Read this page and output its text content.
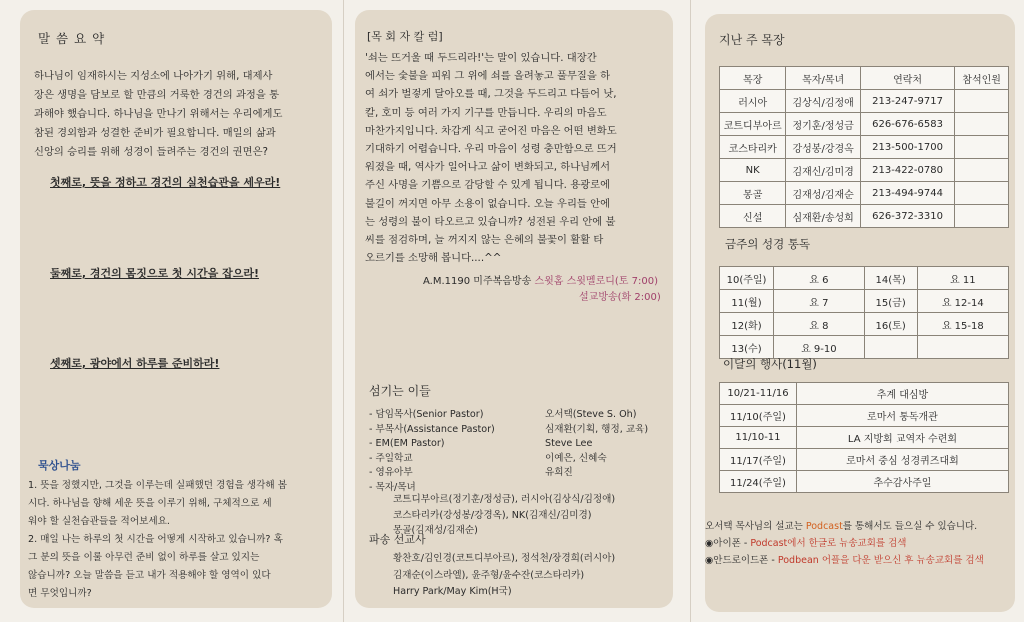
말 씀 요 약
하나님이 임재하시는 지성소에 나아가기 위해, 대제사
장은 생명을 담보로 할 만큼의 거룩한 경건의 과정을 통
과해야 했습니다. 하나님을 만나기 위해서는 우리에게도
참된 경외함과 성결한 준비가 필요합니다. 매일의 삶과
신앙의 승리를 위해 성경이 들려주는 경건의 권면은?
첫째로, 뜻을 정하고 경건의 실천습관을 세우라!
둘째로, 경건의 몸짓으로 첫 시간을 잡으라!
셋째로, 광야에서 하루를 준비하라!
묵상나눔
1. 뜻을 정했지만, 그것을 이루는데 실패했던 경험을 생각해 봅
시다. 하나님을 향해 세운 뜻을 이루기 위해, 구체적으로 세
워야 할 실천습관들을 적어보세요.
2. 매일 나는 하루의 첫 시간을 어떻게 시작하고 있습니까? 혹
그 분의 뜻을 이룰 아무런 준비 없이 하루를 살고 있지는
않습니까? 오늘 말씀을 듣고 내가 적용해야 할 영역이 있다
면 무엇입니까?
[목 회 자 칼 럼]
'쇠는 뜨거울 때 두드리라!'는 말이 있습니다. 대장간
에서는 숯불을 피워 그 위에 쇠를 올려놓고 풀무질을 하
여 쇠가 벌겋게 달아오를 때, 그것을 두드리고 다듬어 낫,
칼, 호미 등 여러 가지 기구를 만듭니다. 우리의 마음도
마찬가지입니다. 차갑게 식고 굳어진 마음은 어떤 변화도
기대하기 어렵습니다. 우리 마음이 성령 충만함으로 뜨거
워졌을 때, 역사가 일어나고 삶이 변화되고, 하나님께서
주신 사명을 기쁨으로 감당할 수 있게 됩니다. 용광로에
불길이 꺼지면 아무 소용이 없습니다. 오늘 우리들 안에
는 성령의 불이 타오르고 있습니까? 성전된 우리 안에 불
씨를 점검하며, 늘 꺼지지 않는 은혜의 불꽃이 활활 타
오르기를 소망해 봅니다....^^
A.M.1190 미주복음방송 스윗홈 스윗멜로디(토 7:00)
설교방송(화 2:00)
섬기는 이들
- 담임목사(Senior Pastor)	오서택(Steve S. Oh)
- 부목사(Assistance Pastor)	심재환(기획, 행정, 교육)
- EM(EM Pastor)	Steve Lee
- 주일학교	이예은, 신혜숙
- 영유아부	유희진
- 목자/목녀
코트디부아르(정기훈/정성금), 러시아(김상식/김정애)
코스타리카(강성봉/강경옥), NK(김재신/김미경)
몽골(김재성/김재순)
파송 선교사
황찬호/김인경(코트디부아르), 정석천/장경희(러시아)
김재순(이스라엘), 윤주형/윤수잔(코스타리카)
Harry Park/May Kim(H국)
지난 주 목장
목장	목자/목녀	연락처	참석인원
러시아	김상식/김정애	213-247-9717	
코트디부아르	정기훈/정성금	626-676-6583	
코스타리카	강성봉/강경옥	213-500-1700	
NK	김재신/김미경	213-422-0780	
몽골	김재성/김재순	213-494-9744	
신설	심재환/송성희	626-372-3310	
금주의 성경 통독
10(주일)	요 6	14(목)	요 11
11(월)	요 7	15(금)	요 12-14
12(화)	요 8	16(토)	요 15-18
13(수)	요 9-10		
이달의 행사(11월)
10/21-11/16	추계 대심방
11/10(주일)	로마서 통독개관
11/10-11	LA 지방회 교역자 수련회
11/17(주일)	로마서 중심 성경퀴즈대회
11/24(주일)	추수감사주일
오서택 목사님의 설교는 Podcast를 통해서도 들으실 수 있습니다.
◉아이폰 - Podcast에서 한글로 뉴송교회를 검색
◉안드로이드폰 - Podbean 어플을 다운 받으신 후 뉴송교회를 검색
